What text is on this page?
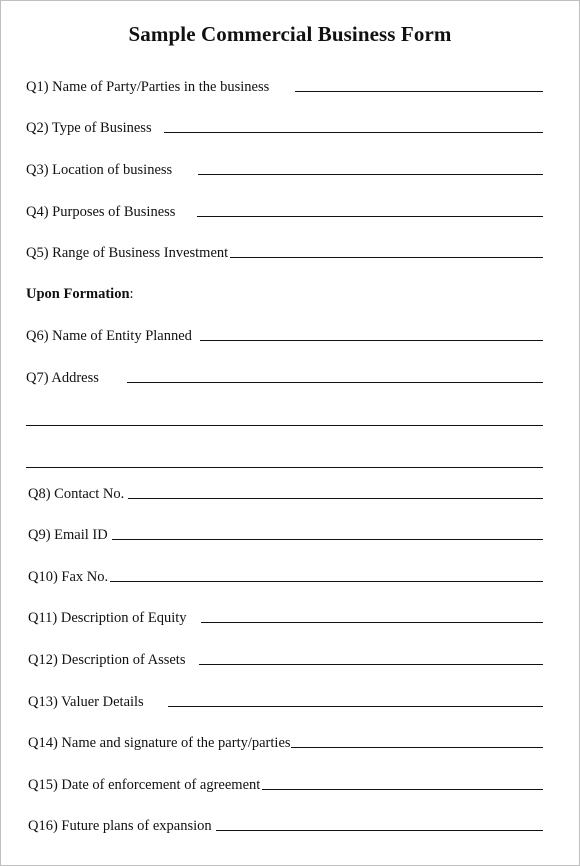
Sample Commercial Business Form
Q1) Name of Party/Parties in the business
Q2) Type of Business
Q3) Location of business
Q4) Purposes of Business
Q5) Range of Business Investment
Upon Formation:
Q6) Name of Entity Planned
Q7) Address
Q8) Contact No.
Q9) Email ID
Q10) Fax No.
Q11) Description of Equity
Q12) Description of Assets
Q13) Valuer Details
Q14) Name and signature of the party/parties
Q15) Date of enforcement of agreement
Q16) Future plans of expansion
